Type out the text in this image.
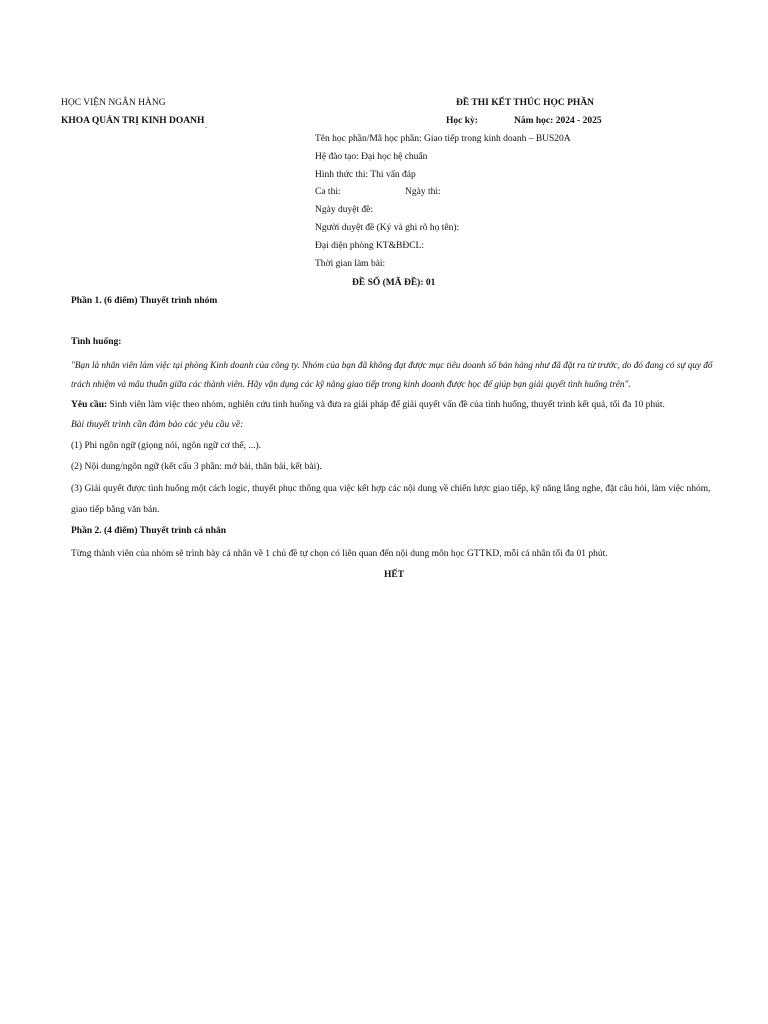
HỌC VIỆN NGÂN HÀNG
KHOA QUẢN TRỊ KINH DOANH .
ĐỀ THI KẾT THÚC HỌC PHẦN
Học kỳ:	Năm học: 2024 - 2025
Tên học phần/Mã học phần: Giao tiếp trong kinh doanh – BUS20A
Hệ đào tạo: Đại học hệ chuẩn
Hình thức thi: Thi vấn đáp
Ca thi:	Ngày thi:
Ngày duyệt đề:
Người duyệt đề (Ký và ghi rõ họ tên):
Đại diện phòng KT&BĐCL:
Thời gian làm bài:
ĐỀ SỐ (MÃ ĐỀ): 01
Phần 1. (6 điểm) Thuyết trình nhóm
Tình huống:
"Bạn là nhân viên làm việc tại phòng Kinh doanh của công ty. Nhóm của bạn đã không đạt được mục tiêu doanh số bán hàng như đã đặt ra từ trước, do đó đang có sự quy đổ trách nhiệm và mâu thuẫn giữa các thành viên. Hãy vận dụng các kỹ năng giao tiếp trong kinh doanh được học để giúp bạn giải quyết tình huống trên".
Yêu cầu: Sinh viên làm việc theo nhóm, nghiên cứu tình huống và đưa ra giải pháp để giải quyết vấn đề của tình huống, thuyết trình kết quả, tối đa 10 phút.
Bài thuyết trình cần đảm bảo các yêu cầu về:
(1) Phi ngôn ngữ (giọng nói, ngôn ngữ cơ thể, ...).
(2) Nội dung/ngôn ngữ (kết cấu 3 phần: mở bài, thân bài, kết bài).
(3) Giải quyết được tình huống một cách logic, thuyết phục thông qua việc kết hợp các nội dung về chiến lược giao tiếp, kỹ năng lắng nghe, đặt câu hỏi, làm việc nhóm, giao tiếp bằng văn bản.
Phần 2. (4 điểm) Thuyết trình cá nhân
Từng thành viên của nhóm sẽ trình bày cá nhân về 1 chủ đề tự chọn có liên quan đến nội dung môn học GTTKD, mỗi cá nhân tối đa 01 phút.
HẾT
